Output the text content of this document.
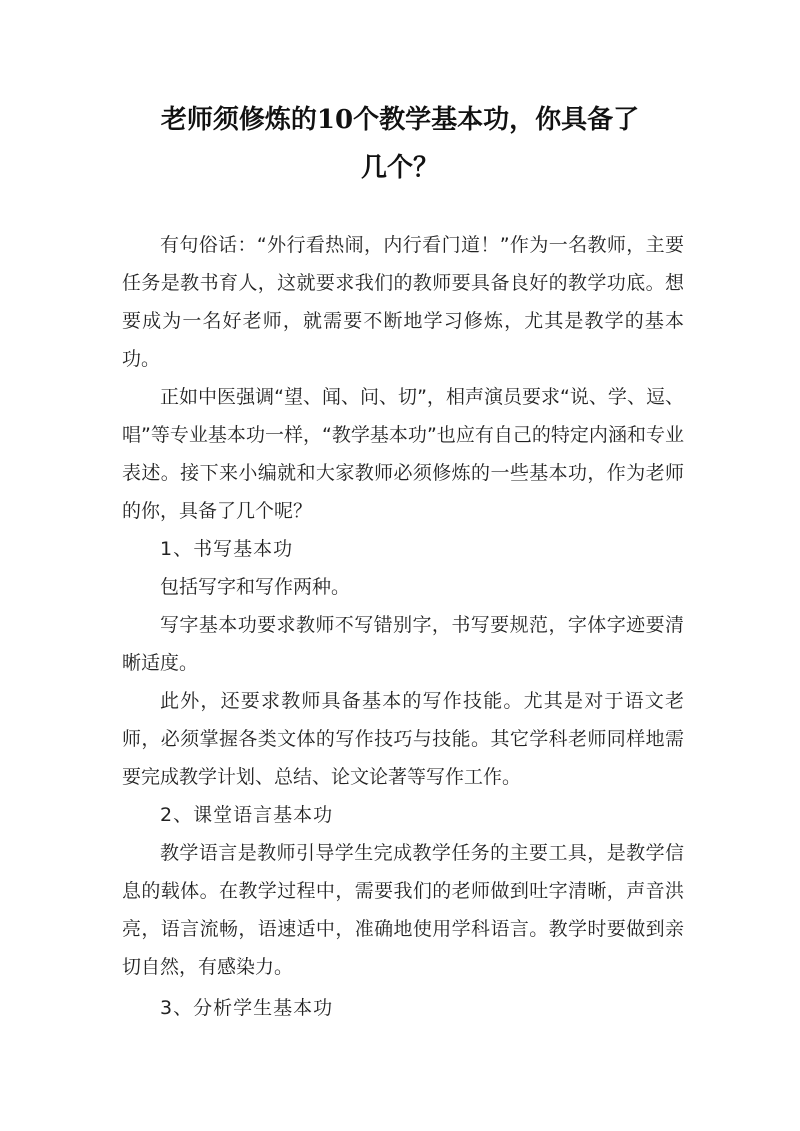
老师须修炼的10个教学基本功，你具备了
几个？

有句俗话：“外行看热闹，内行看门道！”作为一名教师，主要任务是教书育人，这就要求我们的教师要具备良好的教学功底。想要成为一名好老师，就需要不断地学习修炼，尤其是教学的基本功。

正如中医强调“望、闻、问、切”，相声演员要求“说、学、逗、唱”等专业基本功一样，“教学基本功”也应有自己的特定内涵和专业表述。接下来小编就和大家教师必须修炼的一些基本功，作为老师的你，具备了几个呢？

1、书写基本功

包括写字和写作两种。

写字基本功要求教师不写错别字，书写要规范，字体字迹要清晰适度。

此外，还要求教师具备基本的写作技能。尤其是对于语文老师，必须掌握各类文体的写作技巧与技能。其它学科老师同样地需要完成教学计划、总结、论文论著等写作工作。

2、课堂语言基本功

教学语言是教师引导学生完成教学任务的主要工具，是教学信息的载体。在教学过程中，需要我们的老师做到吐字清晰，声音洪亮，语言流畅，语速适中，准确地使用学科语言。教学时要做到亲切自然，有感染力。

3、分析学生基本功
